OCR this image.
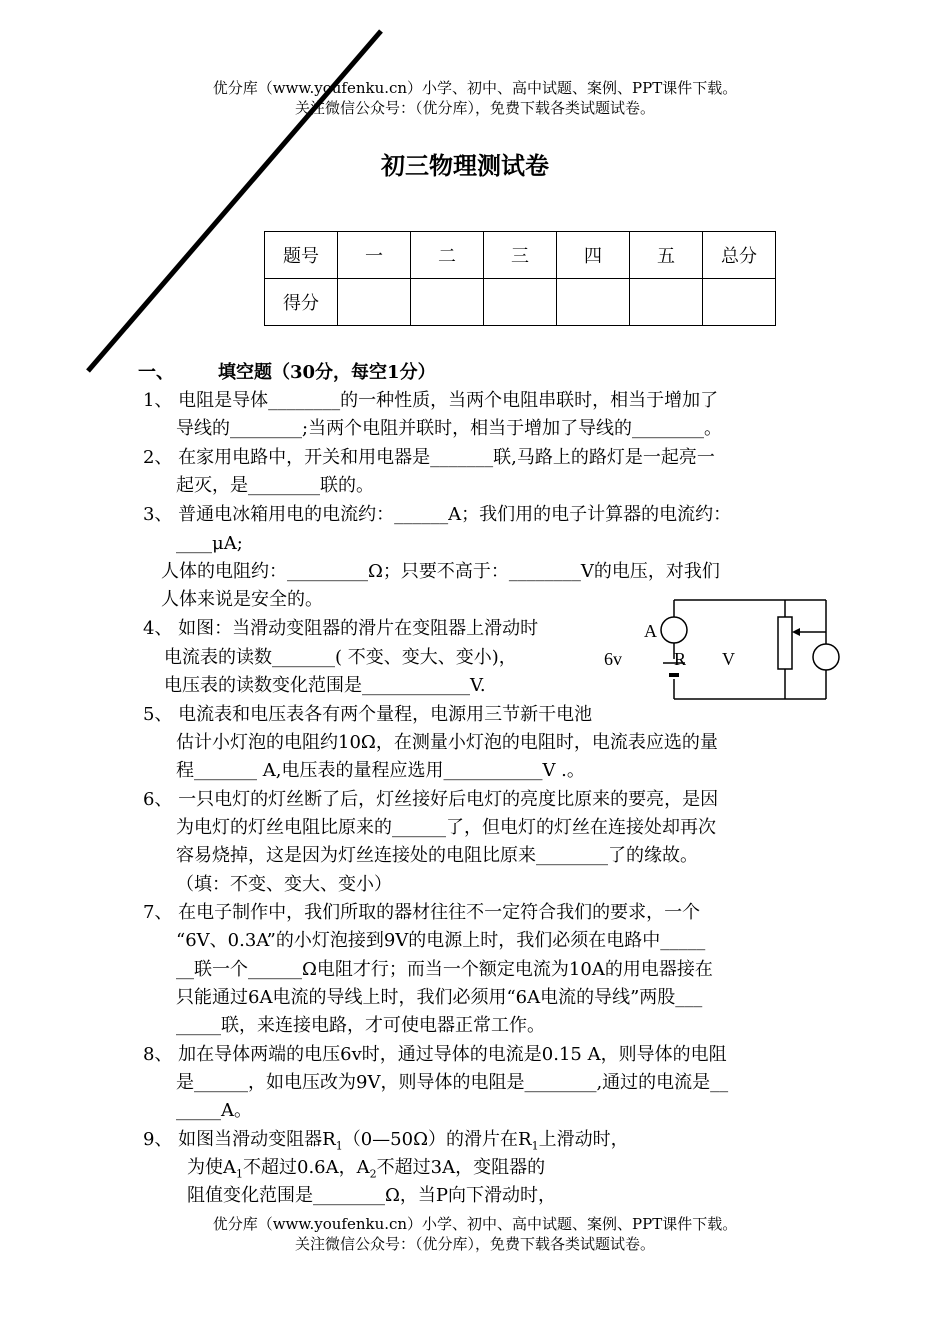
优分库（www.youfenku.cn）小学、初中、高中试题、案例、PPT课件下载。
关注微信公众号：（优分库），免费下载各类试题试卷。
初三物理测试卷
题号	一	二	三	四	五	总分
得分						
一、 填空题（30分，每空1分）
1、 电阻是导体________的一种性质，当两个电阻串联时，相当于增加了
导线的________;当两个电阻并联时，相当于增加了导线的________。
2、 在家用电路中，开关和用电器是_______联,马路上的路灯是一起亮一
起灭，是________联的。
3、 普通电冰箱用电的电流约：______A；我们用的电子计算器的电流约：
____μA;
人体的电阻约：_________Ω；只要不高于：________V的电压，对我们
人体来说是安全的。
4、 如图：当滑动变阻器的滑片在变阻器上滑动时
电流表的读数_______( 不变、变大、变小)，
电压表的读数变化范围是____________V.
5、 电流表和电压表各有两个量程，电源用三节新干电池
估计小灯泡的电阻约10Ω，在测量小灯泡的电阻时，电流表应选的量
程_______ A,电压表的量程应选用___________V .。
6、 一只电灯的灯丝断了后，灯丝接好后电灯的亮度比原来的要亮，是因
为电灯的灯丝电阻比原来的______了，但电灯的灯丝在连接处却再次
容易烧掉，这是因为灯丝连接处的电阻比原来________了的缘故。
（填：不变、变大、变小）
7、 在电子制作中，我们所取的器材往往不一定符合我们的要求，一个
“6V、0.3A”的小灯泡接到9V的电源上时，我们必须在电路中_____
__联一个______Ω电阻才行；而当一个额定电流为10A的用电器接在
只能通过6A电流的导线上时，我们必须用“6A电流的导线”两股___
_____联，来连接电路，才可使电器正常工作。
8、 加在导体两端的电压6v时，通过导体的电流是0.15 A，则导体的电阻
是______，如电压改为9V，则导体的电阻是________,通过的电流是__
_____A。
9、 如图当滑动变阻器$R_1(0—50\Omega)$的滑片在$R_1$上滑动时，
为使$A_1$不超过0.6A，$A_2$不超过3A，变阻器的
阻值变化范围是________Ω，当P向下滑动时，
A
R V
6v
优分库（www.youfenku.cn）小学、初中、高中试题、案例、PPT课件下载。
关注微信公众号：（优分库），免费下载各类试题试卷。
